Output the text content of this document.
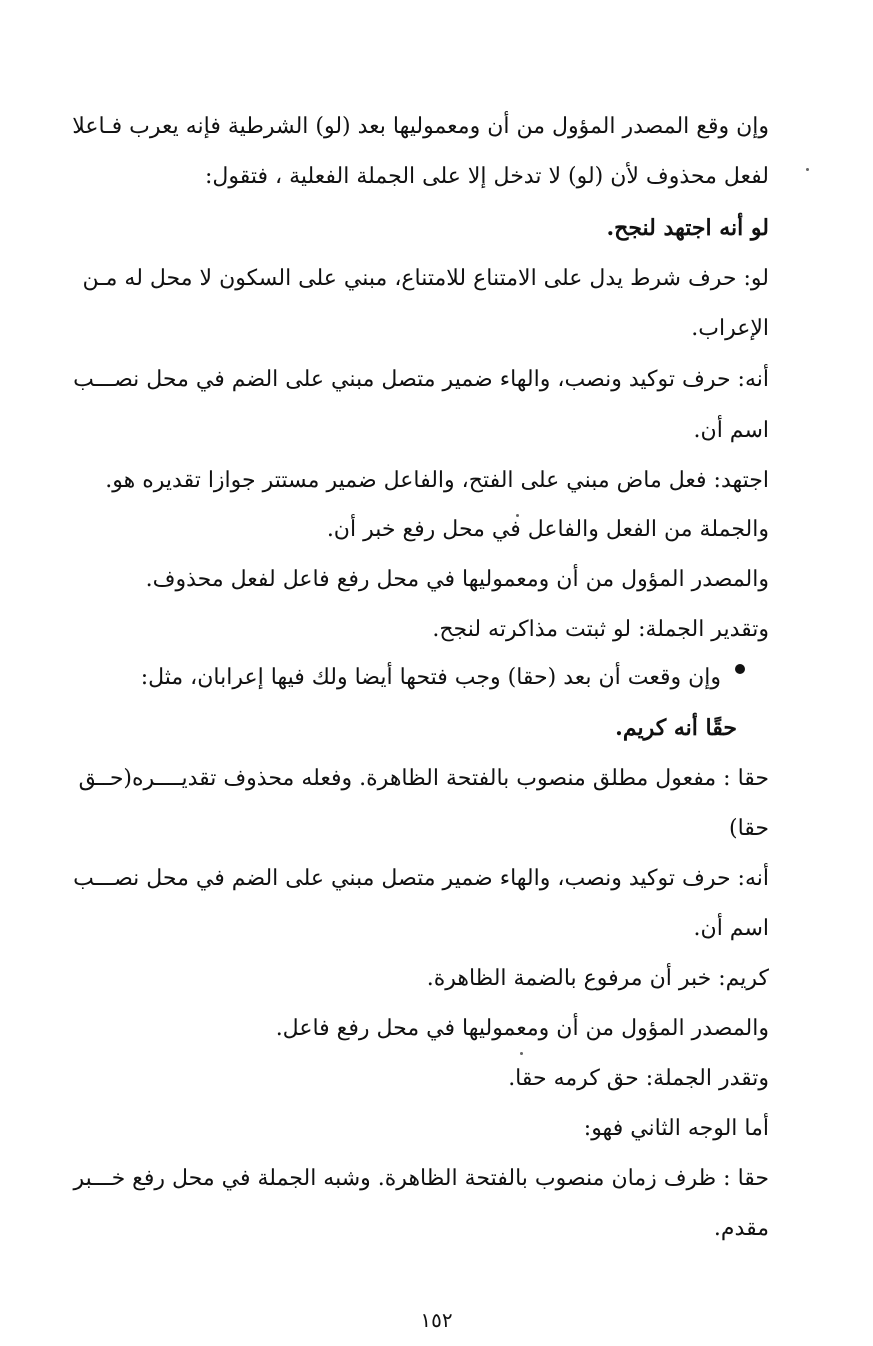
وإن وقع المصدر المؤول من أن ومعموليها بعد (لو) الشرطية فإنه يعرب فـاعلا
لفعل محذوف لأن (لو) لا تدخل إلا على الجملة الفعلية ، فتقول:
لو أنه اجتهد لنجح.
لو: حرف شرط يدل على الامتناع للامتناع، مبني على السكون لا محل له مـن
الإعراب.
أنه: حرف توكيد ونصب، والهاء ضمير متصل مبني على الضم في محل نصـــب
اسم أن.
اجتهد: فعل ماض مبني على الفتح، والفاعل ضمير مستتر جوازا تقديره هو.
والجملة من الفعل والفاعل في محل رفع خبر أن.
والمصدر المؤول من أن ومعموليها في محل رفع فاعل لفعل محذوف.
وتقدير الجملة: لو ثبتت مذاكرته لنجح.
وإن وقعت أن بعد (حقا) وجب فتحها أيضا ولك فيها إعرابان، مثل:
حقًا أنه كريم.
حقا : مفعول مطلق منصوب بالفتحة الظاهرة. وفعله محذوف تقديــــره(حــق
حقا)
أنه: حرف توكيد ونصب، والهاء ضمير متصل مبني على الضم في محل نصـــب
اسم أن.
كريم: خبر أن مرفوع بالضمة الظاهرة.
والمصدر المؤول من أن ومعموليها في محل رفع فاعل.
وتقدر الجملة: حق كرمه حقا.
أما الوجه الثاني فهو:
حقا : ظرف زمان منصوب بالفتحة الظاهرة. وشبه الجملة في محل رفع خـــبر
مقدم.
١٥٢
